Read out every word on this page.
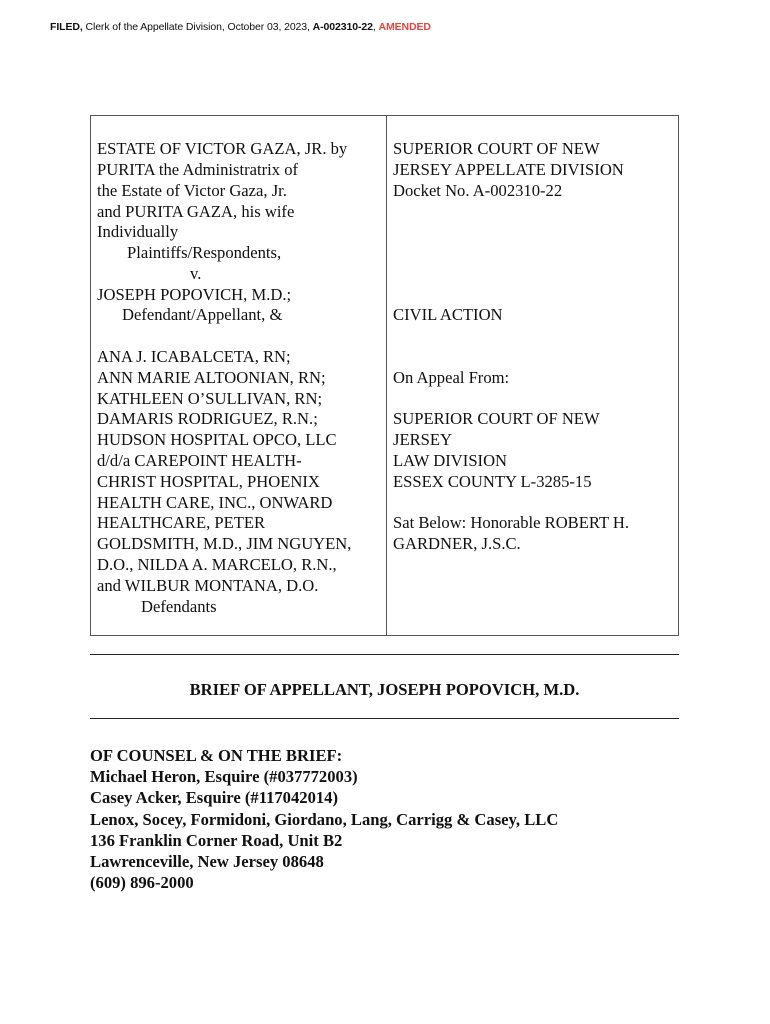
FILED, Clerk of the Appellate Division, October 03, 2023, A-002310-22, AMENDED
ESTATE OF VICTOR GAZA, JR. by
PURITA the Administratrix of
the Estate of Victor Gaza, Jr.
and PURITA GAZA, his wife
Individually
Plaintiffs/Respondents,
v.
JOSEPH POPOVICH, M.D.;
Defendant/Appellant, &
ANA J. ICABALCETA, RN;
ANN MARIE ALTOONIAN, RN;
KATHLEEN O’SULLIVAN, RN;
DAMARIS RODRIGUEZ, R.N.;
HUDSON HOSPITAL OPCO, LLC
d/d/a CAREPOINT HEALTH-
CHRIST HOSPITAL, PHOENIX
HEALTH CARE, INC., ONWARD
HEALTHCARE, PETER
GOLDSMITH, M.D., JIM NGUYEN,
D.O., NILDA A. MARCELO, R.N.,
and WILBUR MONTANA, D.O.
Defendants
SUPERIOR COURT OF NEW
JERSEY APPELLATE DIVISION
Docket No. A-002310-22
CIVIL ACTION
On Appeal From:
SUPERIOR COURT OF NEW
JERSEY
LAW DIVISION
ESSEX COUNTY L-3285-15
Sat Below: Honorable ROBERT H.
GARDNER, J.S.C.
BRIEF OF APPELLANT, JOSEPH POPOVICH, M.D.
OF COUNSEL & ON THE BRIEF:
Michael Heron, Esquire (#037772003)
Casey Acker, Esquire (#117042014)
Lenox, Socey, Formidoni, Giordano, Lang, Carrigg & Casey, LLC
136 Franklin Corner Road, Unit B2
Lawrenceville, New Jersey 08648
(609) 896-2000
